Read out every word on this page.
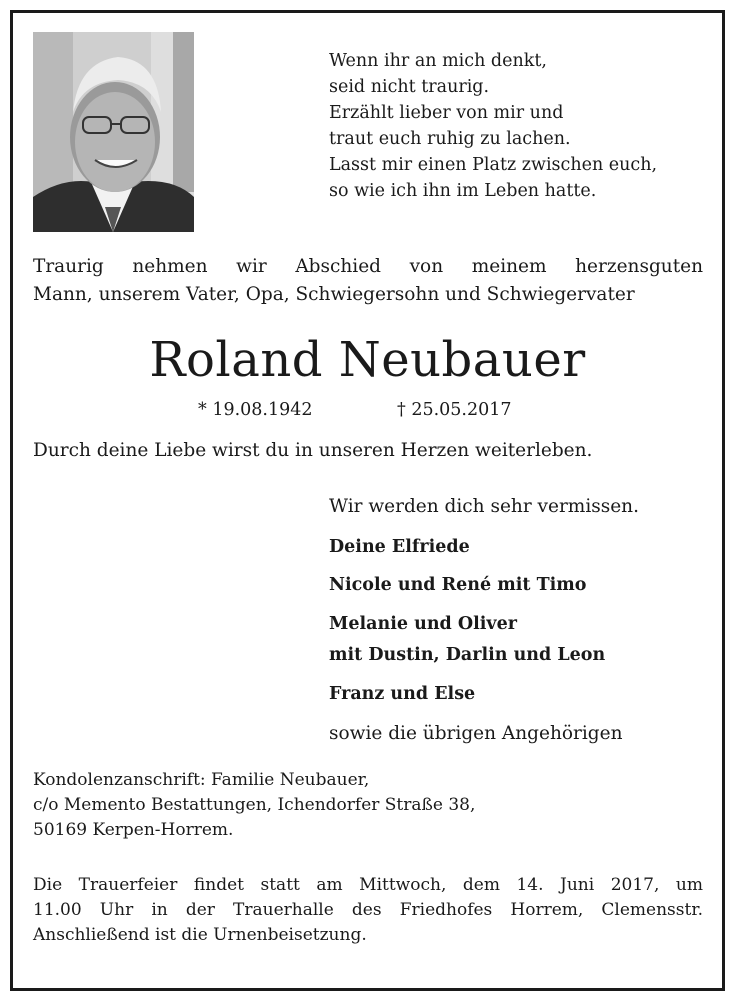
Wenn ihr an mich denkt,
seid nicht traurig.
Erzählt lieber von mir und
traut euch ruhig zu lachen.
Lasst mir einen Platz zwischen euch,
so wie ich ihn im Leben hatte.
Traurig nehmen wir Abschied von meinem herzensguten
Mann, unserem Vater, Opa, Schwiegersohn und Schwiegervater
Roland Neubauer
* 19.08.1942	† 25.05.2017
Durch deine Liebe wirst du in unseren Herzen weiterleben.
Wir werden dich sehr vermissen.
Deine Elfriede
Nicole und René mit Timo
Melanie und Oliver
mit Dustin, Darlin und Leon
Franz und Else
sowie die übrigen Angehörigen
Kondolenzanschrift: Familie Neubauer,
c/o Memento Bestattungen, Ichendorfer Straße 38,
50169 Kerpen-Horrem.
Die Trauerfeier findet statt am Mittwoch, dem 14. Juni 2017, um
11.00 Uhr in der Trauerhalle des Friedhofes Horrem, Clemensstr.
Anschließend ist die Urnenbeisetzung.
